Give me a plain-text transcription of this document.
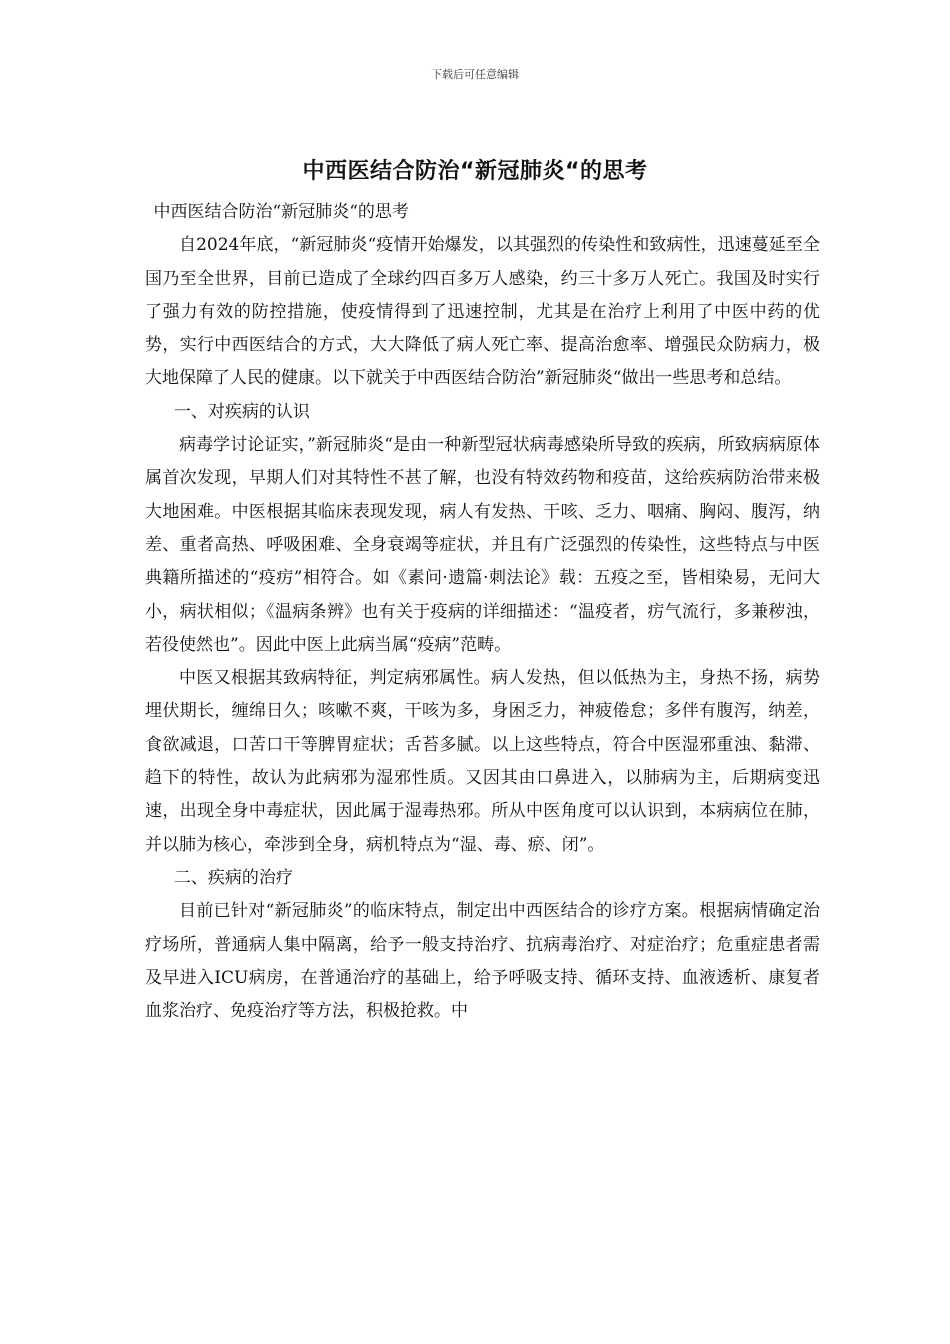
下载后可任意编辑
中西医结合防治“新冠肺炎“的思考

中西医结合防治“新冠肺炎“的思考

自2024年底，“新冠肺炎“疫情开始爆发，以其强烈的传染性和致病性，迅速蔓延至全国乃至全世界，目前已造成了全球约四百多万人感染，约三十多万人死亡。我国及时实行了强力有效的防控措施，使疫情得到了迅速控制，尤其是在治疗上利用了中医中药的优势，实行中西医结合的方式，大大降低了病人死亡率、提高治愈率、增强民众防病力，极大地保障了人民的健康。以下就关于中西医结合防治”新冠肺炎“做出一些思考和总结。

一、对疾病的认识

病毒学讨论证实，”新冠肺炎“是由一种新型冠状病毒感染所导致的疾病，所致病病原体属首次发现，早期人们对其特性不甚了解，也没有特效药物和疫苗，这给疾病防治带来极大地困难。中医根据其临床表现发现，病人有发热、干咳、乏力、咽痛、胸闷、腹泻，纳差、重者高热、呼吸困难、全身衰竭等症状，并且有广泛强烈的传染性，这些特点与中医典籍所描述的“疫疠”相符合。如《素问·遗篇·刺法论》载：五疫之至，皆相染易，无问大小，病状相似；《温病条辨》也有关于疫病的详细描述：“温疫者，疠气流行，多兼秽浊，若役使然也”。因此中医上此病当属“疫病”范畴。

中医又根据其致病特征，判定病邪属性。病人发热，但以低热为主，身热不扬，病势埋伏期长，缠绵日久；咳嗽不爽，干咳为多，身困乏力，神疲倦怠；多伴有腹泻，纳差，食欲减退，口苦口干等脾胃症状；舌苔多腻。以上这些特点，符合中医湿邪重浊、黏滞、趋下的特性，故认为此病邪为湿邪性质。又因其由口鼻进入，以肺病为主，后期病变迅速，出现全身中毒症状，因此属于湿毒热邪。所从中医角度可以认识到，本病病位在肺，并以肺为核心，牵涉到全身，病机特点为“湿、毒、瘀、闭”。

二、疾病的治疗

目前已针对“新冠肺炎”的临床特点，制定出中西医结合的诊疗方案。根据病情确定治疗场所，普通病人集中隔离，给予一般支持治疗、抗病毒治疗、对症治疗；危重症患者需及早进入ICU病房，在普通治疗的基础上，给予呼吸支持、循环支持、血液透析、康复者血浆治疗、免疫治疗等方法，积极抢救。中
